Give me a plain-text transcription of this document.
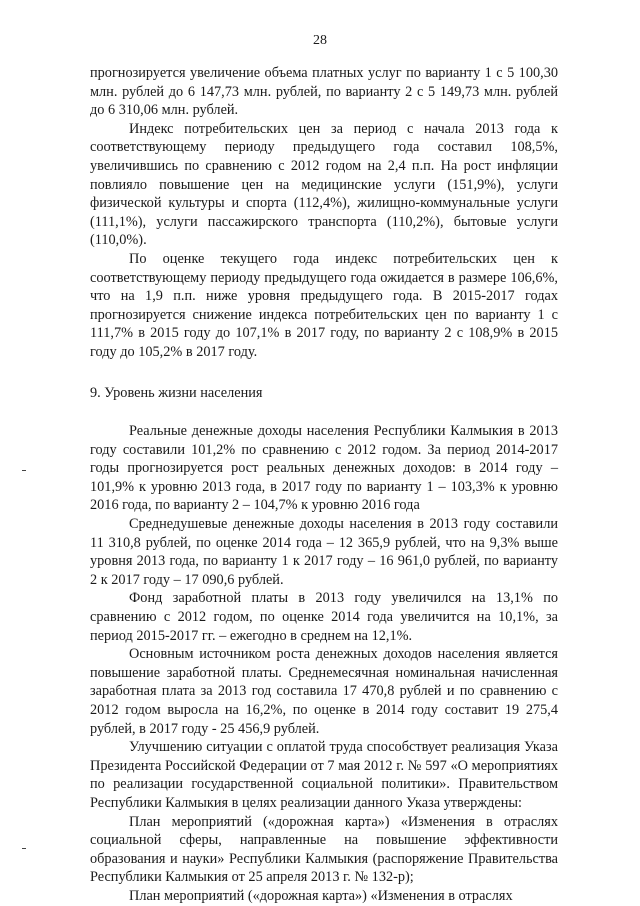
28

прогнозируется увеличение объема платных услуг по варианту 1 с 5 100,30 млн. рублей до 6 147,73 млн. рублей, по варианту 2 с 5 149,73 млн. рублей до 6 310,06 млн. рублей.

Индекс потребительских цен за период с начала 2013 года к соответствующему периоду предыдущего года составил 108,5%, увеличившись по сравнению с 2012 годом на 2,4 п.п. На рост инфляции повлияло повышение цен на медицинские услуги (151,9%), услуги физической культуры и спорта (112,4%), жилищно-коммунальные услуги (111,1%), услуги пассажирского транспорта (110,2%), бытовые услуги (110,0%).

По оценке текущего года индекс потребительских цен к соответствующему периоду предыдущего года ожидается в размере 106,6%, что на 1,9 п.п. ниже уровня предыдущего года. В 2015-2017 годах прогнозируется снижение индекса потребительских цен по варианту 1 с 111,7% в 2015 году до 107,1% в 2017 году, по варианту 2 с 108,9% в 2015 году до 105,2% в 2017 году.

9. Уровень жизни населения

Реальные денежные доходы населения Республики Калмыкия в 2013 году составили 101,2% по сравнению с 2012 годом. За период 2014-2017 годы прогнозируется рост реальных денежных доходов: в 2014 году – 101,9% к уровню 2013 года, в 2017 году по варианту 1 – 103,3% к уровню 2016 года, по варианту 2 – 104,7% к уровню 2016 года

Среднедушевые денежные доходы населения в 2013 году составили 11 310,8 рублей, по оценке 2014 года – 12 365,9 рублей, что на 9,3% выше уровня 2013 года, по варианту 1 к 2017 году – 16 961,0 рублей, по варианту 2 к 2017 году – 17 090,6 рублей.

Фонд заработной платы в 2013 году увеличился на 13,1% по сравнению с 2012 годом, по оценке 2014 года увеличится на 10,1%, за период 2015-2017 гг. – ежегодно в среднем на 12,1%.

Основным источником роста денежных доходов населения является повышение заработной платы. Среднемесячная номинальная начисленная заработная плата за 2013 год составила 17 470,8 рублей и по сравнению с 2012 годом выросла на 16,2%, по оценке в 2014 году составит 19 275,4 рублей, в 2017 году - 25 456,9 рублей.

Улучшению ситуации с оплатой труда способствует реализация Указа Президента Российской Федерации от 7 мая 2012 г. № 597 «О мероприятиях по реализации государственной социальной политики». Правительством Республики Калмыкия в целях реализации данного Указа утверждены:

План мероприятий («дорожная карта») «Изменения в отраслях социальной сферы, направленные на повышение эффективности образования и науки» Республики Калмыкия (распоряжение Правительства Республики Калмыкия от 25 апреля 2013 г. № 132-р);

План мероприятий («дорожная карта») «Изменения в отраслях
